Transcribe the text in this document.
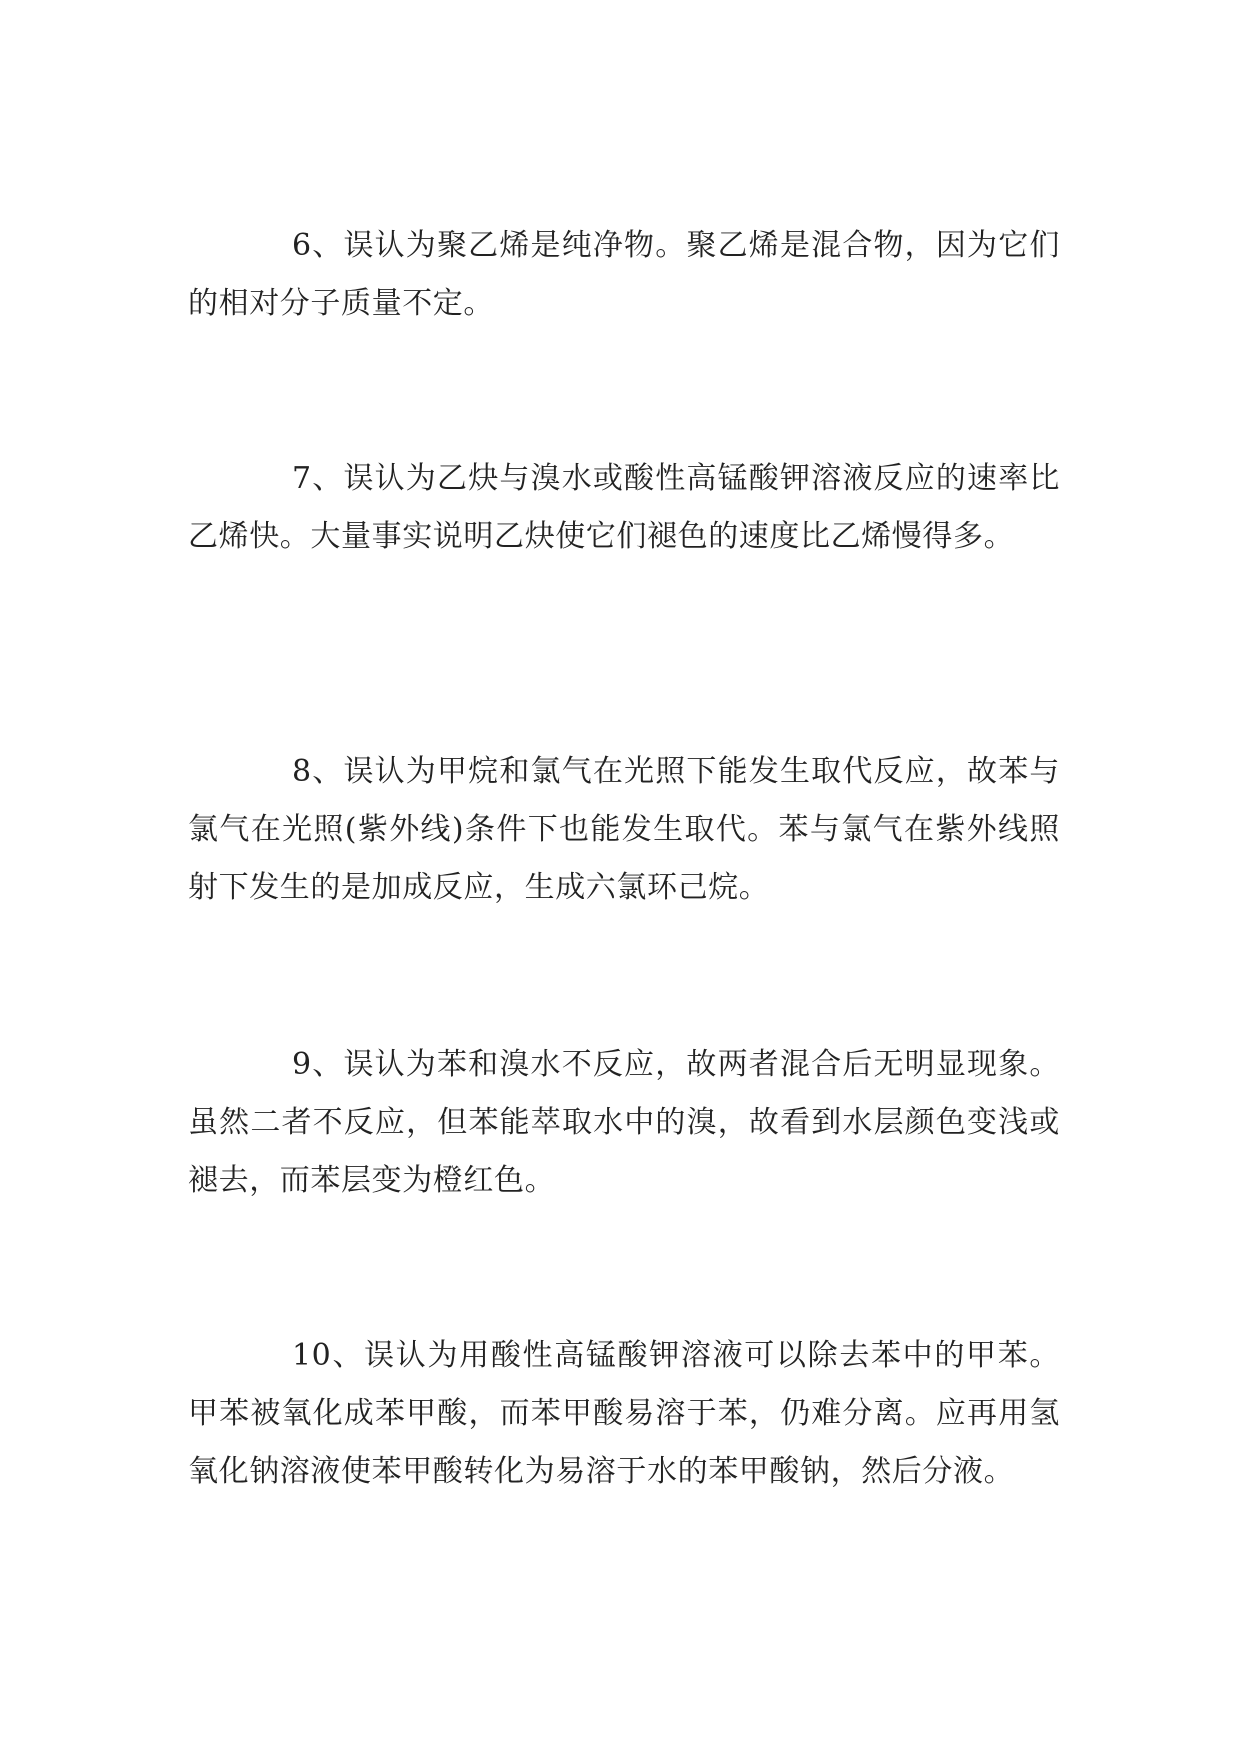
6、误认为聚乙烯是纯净物。聚乙烯是混合物，因为它们的相对分子质量不定。

7、误认为乙炔与溴水或酸性高锰酸钾溶液反应的速率比乙烯快。大量事实说明乙炔使它们褪色的速度比乙烯慢得多。

8、误认为甲烷和氯气在光照下能发生取代反应，故苯与氯气在光照(紫外线)条件下也能发生取代。苯与氯气在紫外线照射下发生的是加成反应，生成六氯环己烷。

9、误认为苯和溴水不反应，故两者混合后无明显现象。虽然二者不反应，但苯能萃取水中的溴，故看到水层颜色变浅或褪去，而苯层变为橙红色。

10、误认为用酸性高锰酸钾溶液可以除去苯中的甲苯。甲苯被氧化成苯甲酸，而苯甲酸易溶于苯，仍难分离。应再用氢氧化钠溶液使苯甲酸转化为易溶于水的苯甲酸钠，然后分液。
